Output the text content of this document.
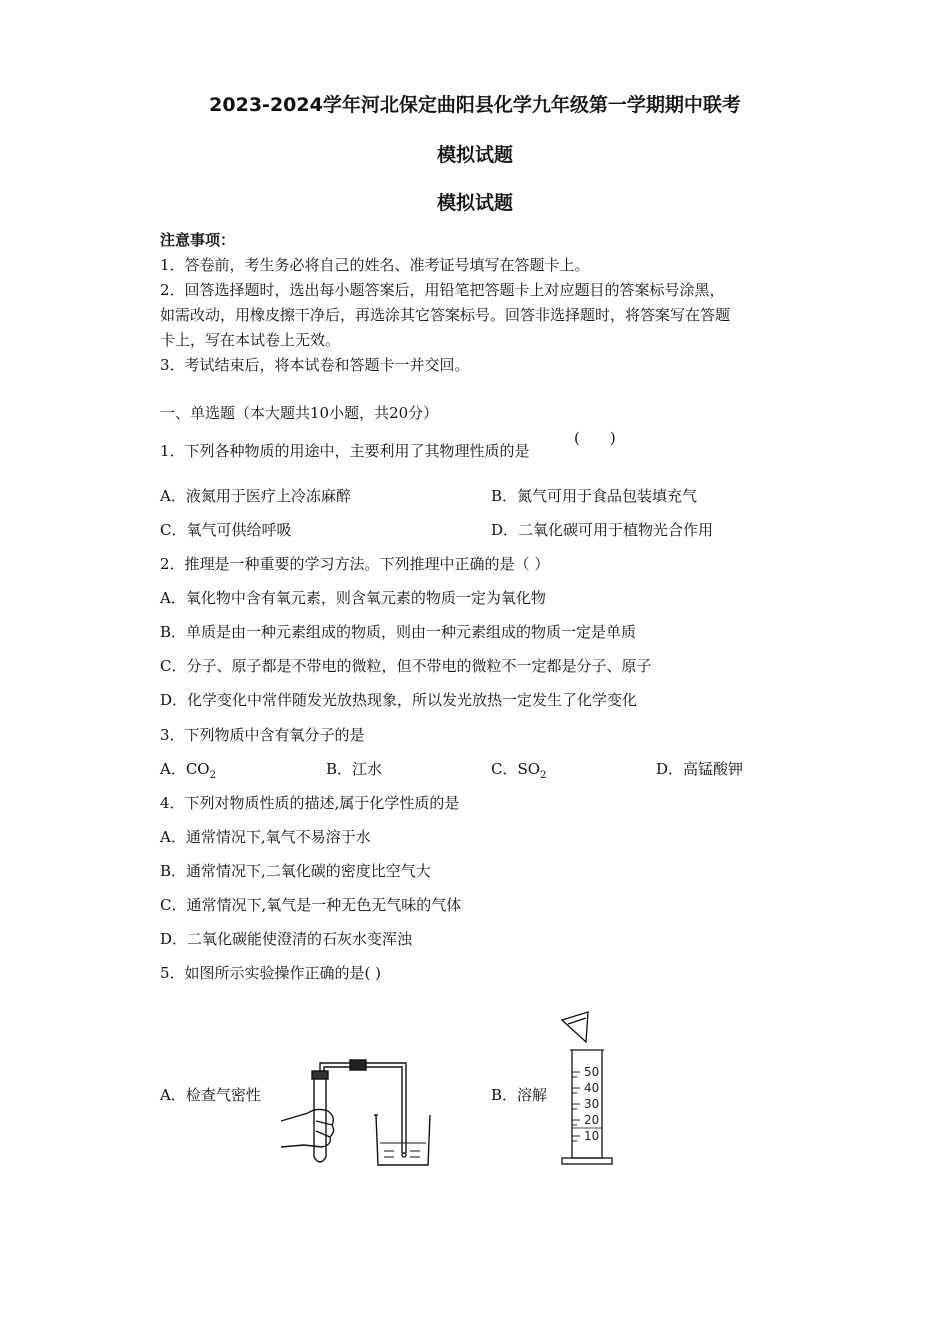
2023-2024学年河北保定曲阳县化学九年级第一学期期中联考
模拟试题
模拟试题
注意事项：
1．答卷前，考生务必将自己的姓名、准考证号填写在答题卡上。
2．回答选择题时，选出每小题答案后，用铅笔把答题卡上对应题目的答案标号涂黑，
如需改动，用橡皮擦干净后，再选涂其它答案标号。回答非选择题时，将答案写在答题
卡上，写在本试卷上无效。
3．考试结束后，将本试卷和答题卡一并交回。
一、单选题（本大题共10小题，共20分）
1．下列各种物质的用途中，主要利用了其物理性质的是
(　　)
A．液氮用于医疗上冷冻麻醉	B．氮气可用于食品包装填充气
C．氧气可供给呼吸	D．二氧化碳可用于植物光合作用
2．推理是一种重要的学习方法。下列推理中正确的是（ ）
A．氧化物中含有氧元素，则含氧元素的物质一定为氧化物
B．单质是由一种元素组成的物质，则由一种元素组成的物质一定是单质
C．分子、原子都是不带电的微粒，但不带电的微粒不一定都是分子、原子
D．化学变化中常伴随发光放热现象，所以发光放热一定发生了化学变化
3．下列物质中含有氧分子的是
A．$CO_2$	B．江水	C．$SO_2$	D．高锰酸钾
4．下列对物质性质的描述,属于化学性质的是
A．通常情况下,氧气不易溶于水
B．通常情况下,二氧化碳的密度比空气大
C．通常情况下,氧气是一种无色无气味的气体
D．二氧化碳能使澄清的石灰水变浑浊
5．如图所示实验操作正确的是( )
A．检查气密性	B．溶解
50
40
30
20
10
